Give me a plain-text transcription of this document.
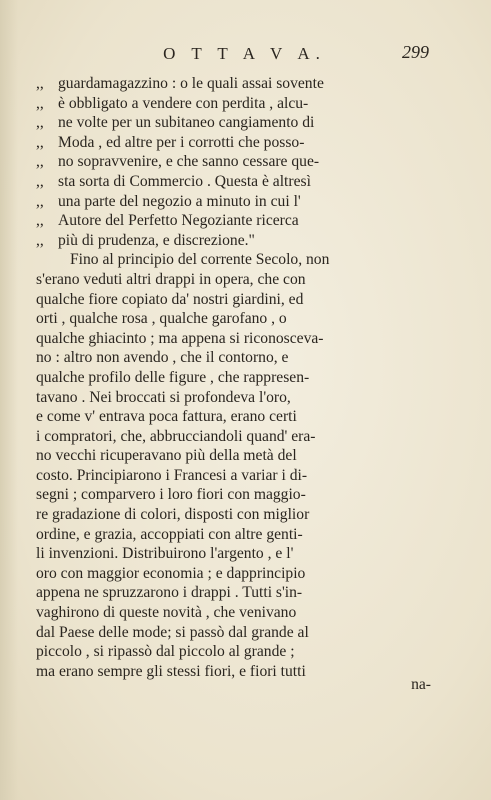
O T T A V A.	299
,, guardamagazzino : o le quali assai sovente
,, è obbligato a vendere con perdita , alcu-
,, ne volte per un subitaneo cangiamento di
,, Moda , ed altre per i corrotti che posso-
,, no sopravvenire, e che sanno cessare que-
,, sta sorta di Commercio . Questa è altresì
,, una parte del negozio a minuto in cui l'
,, Autore del Perfetto Negoziante ricerca
,, più di prudenza, e discrezione."
Fino al principio del corrente Secolo, non
s'erano veduti altri drappi in opera, che con
qualche fiore copiato da' nostri giardini, ed
orti , qualche rosa , qualche garofano , o
qualche ghiacinto ; ma appena si riconosceva-
no : altro non avendo , che il contorno, e
qualche profilo delle figure , che rappresen-
tavano . Nei broccati si profondeva l'oro,
e come v' entrava poca fattura, erano certi
i compratori, che, abbrucciandoli quand' era-
no vecchi ricuperavano più della metà del
costo. Principiarono i Francesi a variar i di-
segni ; comparvero i loro fiori con maggio-
re gradazione di colori, disposti con miglior
ordine, e grazia, accoppiati con altre genti-
li invenzioni. Distribuirono l'argento , e l'
oro con maggior economia ; e dapprincipio
appena ne spruzzarono i drappi . Tutti s'in-
vaghirono di queste novità , che venivano
dal Paese delle mode; si passò dal grande al
piccolo , si ripassò dal piccolo al grande ;
ma erano sempre gli stessi fiori, e fiori tutti
na-
